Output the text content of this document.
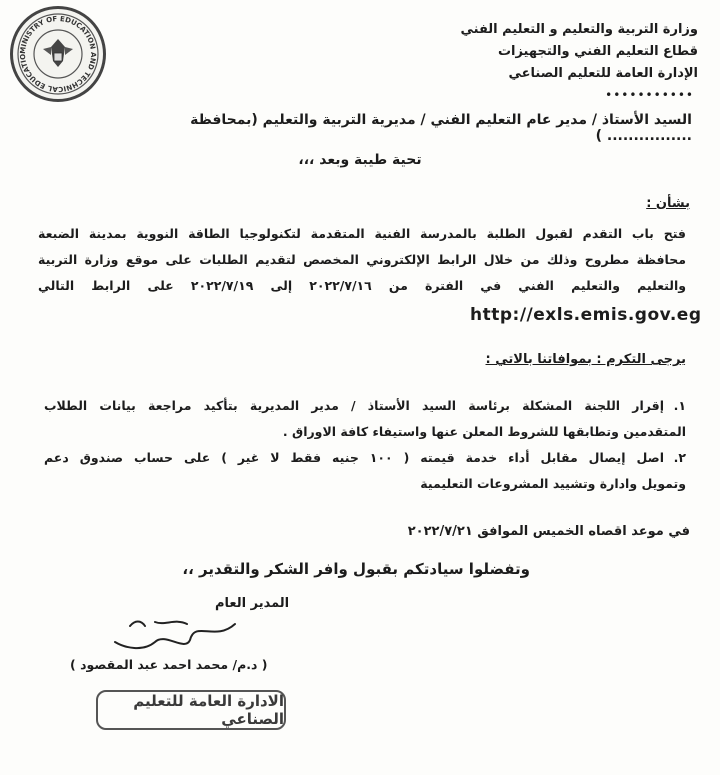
MINISTRY OF EDUCATION AND TECHNICAL EDUCATIO
وزارة التربية والتعليم و التعليم الفني
قطاع التعليم الفني والتجهيزات
الإدارة العامة للتعليم الصناعي
•••••••••••
السيد الأستاذ / مدير عام التعليم الفني / مديرية التربية والتعليم (بمحافظة ................ )
تحية طيبة وبعد ،،،
بشأن :
فتح باب التقدم لقبول الطلبة بالمدرسة الفنية المتقدمة لتكنولوجيا الطاقة النووية بمدينة الضبعة
محافظة مطروح وذلك من خلال الرابط الإلكتروني المخصص لتقديم الطلبات على موقع وزارة التربية
والتعليم والتعليم الفني في الفترة من ٢٠٢٢/٧/١٦ إلى ٢٠٢٢/٧/١٩ على الرابط التالي
http://exls.emis.gov.eg
يرجى التكرم : بموافاتنا بالاتي :
١.
إقرار اللجنة المشكلة برئاسة السيد الأستاذ / مدير المديرية بتأكيد مراجعة بيانات الطلاب
المتقدمين وتطابقها للشروط المعلن عنها واستيفاء كافة الاوراق .
٢.
اصل إيصال مقابل أداء خدمة قيمته ( ١٠٠ جنيه فقط لا غير ) على حساب صندوق دعم
وتمويل وادارة وتشييد المشروعات التعليمية
في موعد اقصاه الخميس الموافق ٢٠٢٢/٧/٢١
وتفضلوا سيادتكم بقبول وافر الشكر والتقدير ،،
المدير العام
( د.م/ محمد احمد عبد المقصود )
الادارة العامة للتعليم الصناعي
